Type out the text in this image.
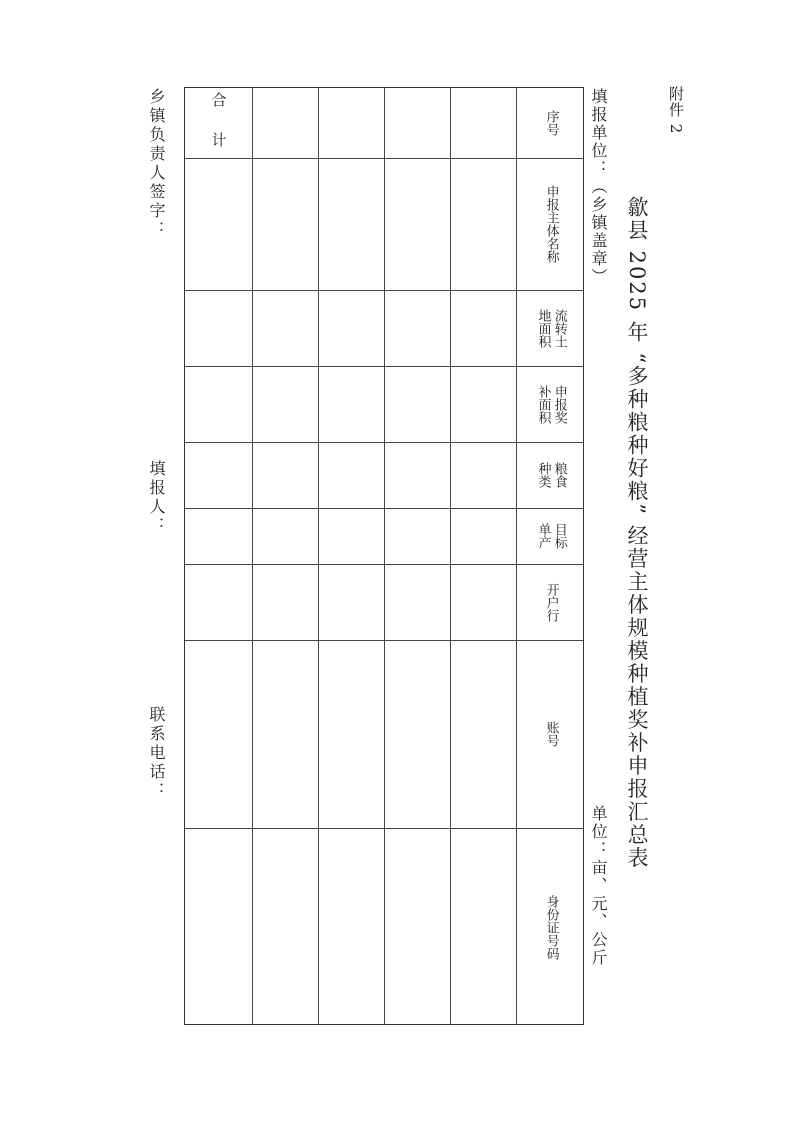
附件 2
歙县 2025 年 “多种粮种好粮” 经营主体规模种植奖补申报汇总表
填报单位：（乡镇盖章）
单位：亩、元、公斤
序号
申报主体名称
流转土
地面积
申报奖
补面积
粮食
种类
目标
单产
开户行
账号
身份证号码
合 计
乡镇负责人签字：
填报人：
联系电话：
